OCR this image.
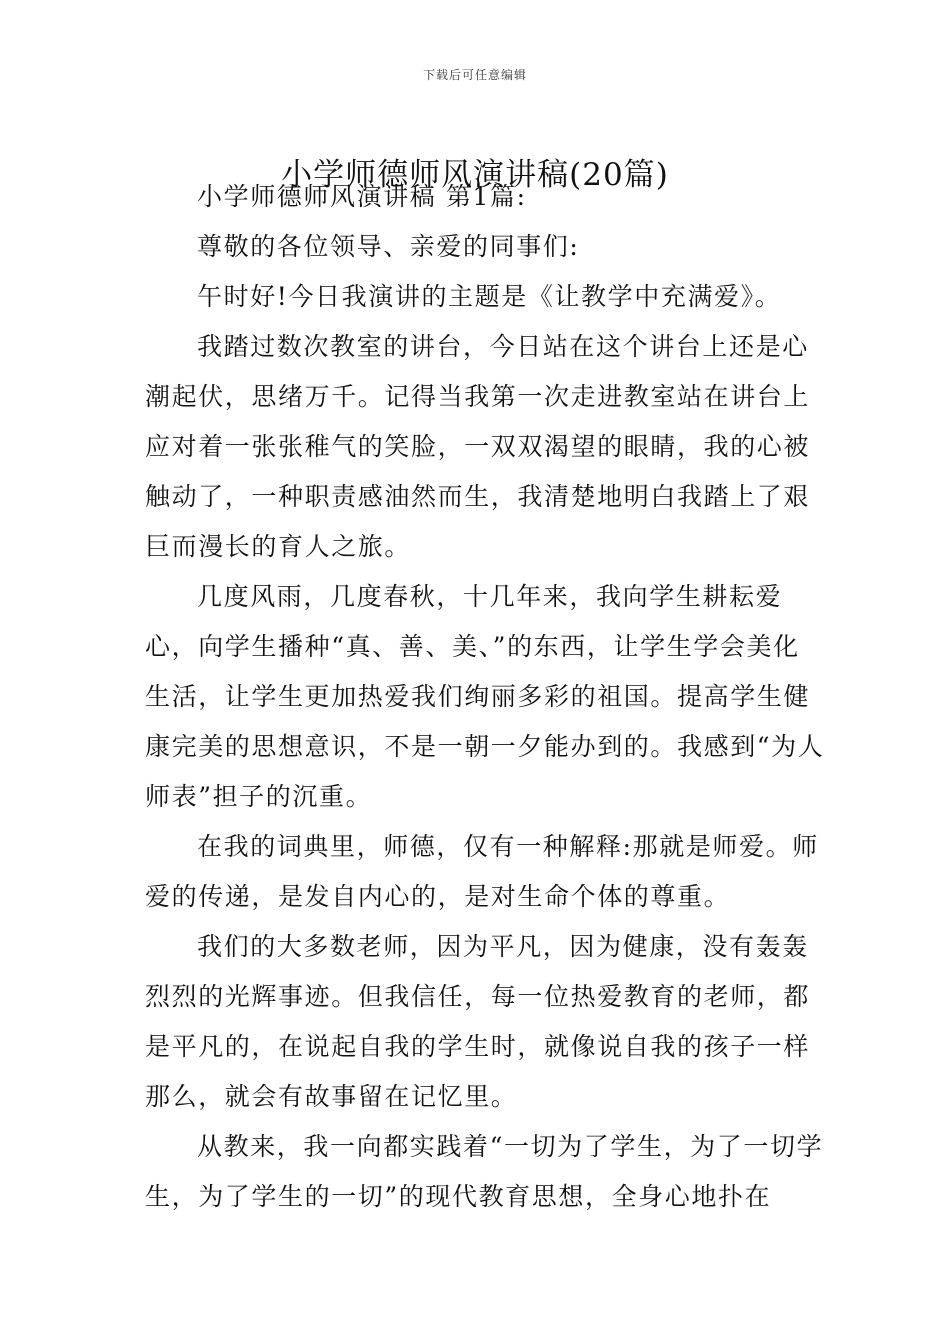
下载后可任意编辑
小学师德师风演讲稿(20篇)

小学师德师风演讲稿 第1篇:

尊敬的各位领导、亲爱的同事们:

午时好!今日我演讲的主题是《让教学中充满爱》。

我踏过数次教室的讲台，今日站在这个讲台上还是心潮起伏，思绪万千。记得当我第一次走进教室站在讲台上应对着一张张稚气的笑脸，一双双渴望的眼睛，我的心被触动了，一种职责感油然而生，我清楚地明白我踏上了艰巨而漫长的育人之旅。

几度风雨，几度春秋，十几年来，我向学生耕耘爱心，向学生播种“真、善、美、”的东西，让学生学会美化生活，让学生更加热爱我们绚丽多彩的祖国。提高学生健康完美的思想意识，不是一朝一夕能办到的。我感到“为人师表”担子的沉重。

在我的词典里，师德，仅有一种解释:那就是师爱。师爱的传递，是发自内心的，是对生命个体的尊重。

我们的大多数老师，因为平凡，因为健康，没有轰轰烈烈的光辉事迹。但我信任，每一位热爱教育的老师，都是平凡的，在说起自我的学生时，就像说自我的孩子一样那么，就会有故事留在记忆里。

从教来，我一向都实践着“一切为了学生，为了一切学生，为了学生的一切”的现代教育思想，全身心地扑在
